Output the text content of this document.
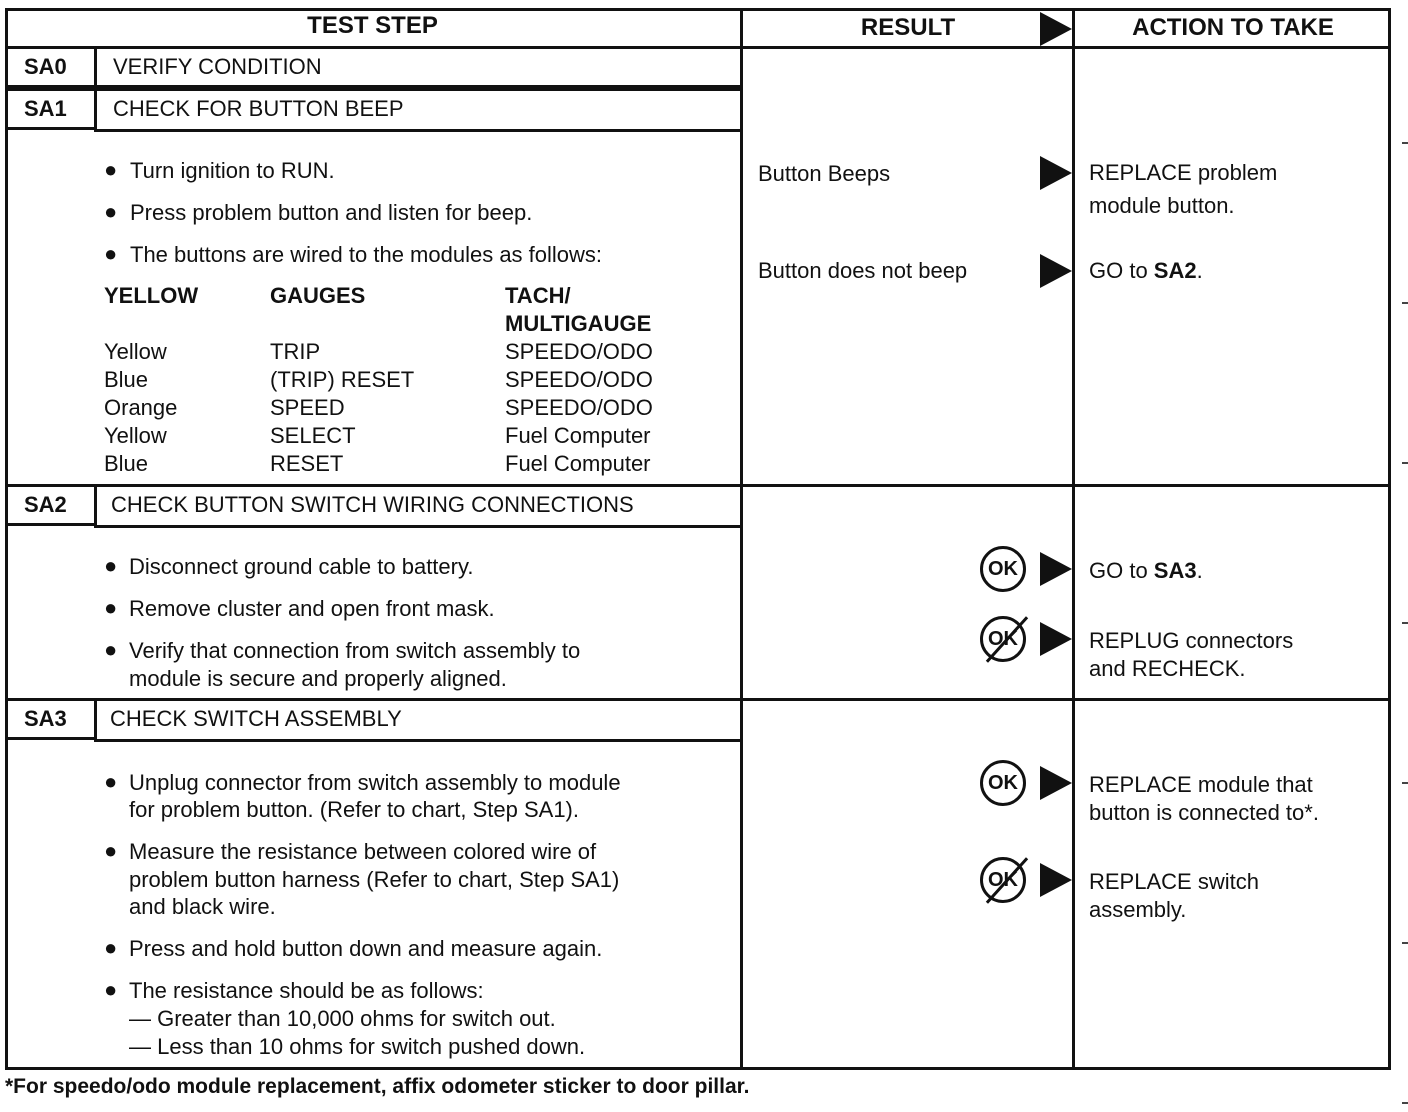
TEST STEP	RESULT	ACTION TO TAKE
SA0 VERIFY CONDITION
SA1 CHECK FOR BUTTON BEEP
● Turn ignition to RUN.
● Press problem button and listen for beep.
● The buttons are wired to the modules as follows:
YELLOW	GAUGES	TACH/
MULTIGAUGE
Yellow	TRIP	SPEEDO/ODO
Blue	(TRIP) RESET	SPEEDO/ODO
Orange	SPEED	SPEEDO/ODO
Yellow	SELECT	Fuel Computer
Blue	RESET	Fuel Computer
Button Beeps	REPLACE problem
module button.
Button does not beep	GO to SA2.
SA2 CHECK BUTTON SWITCH WIRING CONNECTIONS
● Disconnect ground cable to battery.
● Remove cluster and open front mask.
● Verify that connection from switch assembly to
module is secure and properly aligned.
OK	GO to SA3.
OK	REPLUG connectors
and RECHECK.
SA3 CHECK SWITCH ASSEMBLY
● Unplug connector from switch assembly to module
for problem button. (Refer to chart, Step SA1).
● Measure the resistance between colored wire of
problem button harness (Refer to chart, Step SA1)
and black wire.
● Press and hold button down and measure again.
● The resistance should be as follows:
— Greater than 10,000 ohms for switch out.
— Less than 10 ohms for switch pushed down.
OK	REPLACE module that
button is connected to*.
OK	REPLACE switch
assembly.
*For speedo/odo module replacement, affix odometer sticker to door pillar.
